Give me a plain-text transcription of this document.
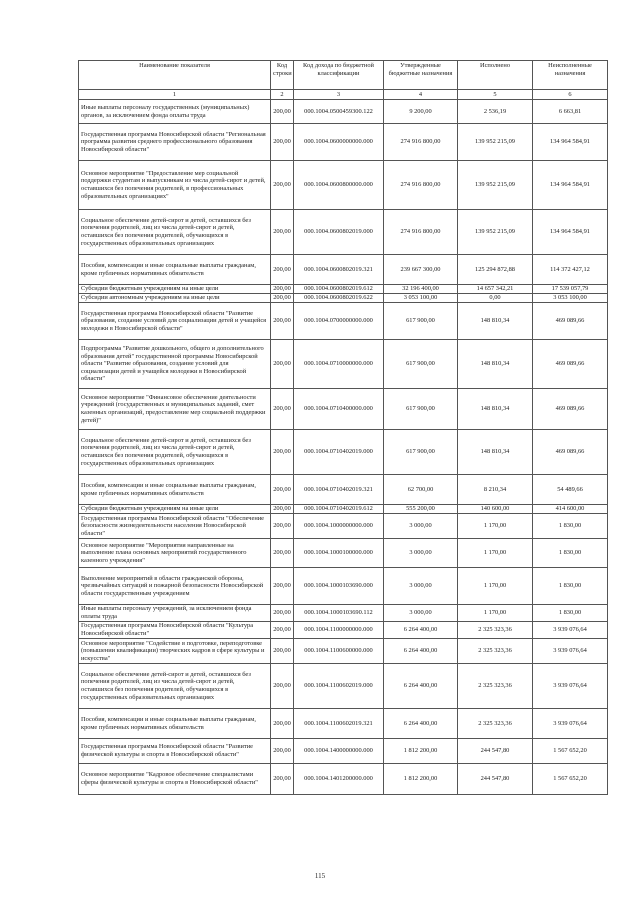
Наименование показателя	Код строки	Код дохода по бюджетной классификации	Утвержденные бюджетные назначения	Исполнено	Неисполненные назначения
1	2	3	4	5	6
Иные выплаты персоналу государственных (муниципальных) органов, за исключением фонда оплаты труда	200,00	000.1004.0500459300.122	9 200,00	2 536,19	6 663,81
Государственная программа Новосибирской области "Региональная программа развития среднего профессионального образования Новосибирской области"	200,00	000.1004.0600000000.000	274 916 800,00	139 952 215,09	134 964 584,91
Основное мероприятие "Предоставление мер социальной поддержки студентам и выпускникам из числа детей-сирот и детей, оставшихся без попечения родителей, в профессиональных образовательных организациях"	200,00	000.1004.0600800000.000	274 916 800,00	139 952 215,09	134 964 584,91
Социальное обеспечение детей-сирот и детей, оставшихся без попечения родителей, лиц из числа детей-сирот и детей, оставшихся без попечения родителей, обучающихся в государственных образовательных организациях	200,00	000.1004.0600802019.000	274 916 800,00	139 952 215,09	134 964 584,91
Пособия, компенсации и иные социальные выплаты гражданам, кроме публичных нормативных обязательств	200,00	000.1004.0600802019.321	239 667 300,00	125 294 872,88	114 372 427,12
Субсидии бюджетным учреждениям на иные цели	200,00	000.1004.0600802019.612	32 196 400,00	14 657 342,21	17 539 057,79
Субсидии автономным учреждениям на иные цели	200,00	000.1004.0600802019.622	3 053 100,00	0,00	3 053 100,00
Государственная программа Новосибирской области "Развитие образования, создание условий для социализации детей и учащейся молодежи в Новосибирской области"	200,00	000.1004.0700000000.000	617 900,00	148 810,34	469 089,66
Подпрограмма "Развитие дошкольного, общего и дополнительного образования детей" государственной программы Новосибирской области "Развитие образования, создание условий для социализации детей и учащейся молодежи в Новосибирской области"	200,00	000.1004.0710000000.000	617 900,00	148 810,34	469 089,66
Основное мероприятие "Финансовое обеспечение деятельности учреждений (государственных и муниципальных заданий, смет казенных организаций, предоставление мер социальной поддержки детей)"	200,00	000.1004.0710400000.000	617 900,00	148 810,34	469 089,66
Социальное обеспечение детей-сирот и детей, оставшихся без попечения родителей, лиц из числа детей-сирот и детей, оставшихся без попечения родителей, обучающихся в государственных образовательных организациях	200,00	000.1004.0710402019.000	617 900,00	148 810,34	469 089,66
Пособия, компенсации и иные социальные выплаты гражданам, кроме публичных нормативных обязательств	200,00	000.1004.0710402019.321	62 700,00	8 210,34	54 489,66
Субсидии бюджетным учреждениям на иные цели	200,00	000.1004.0710402019.612	555 200,00	140 600,00	414 600,00
Государственная программа Новосибирской области "Обеспечение безопасности жизнедеятельности населения Новосибирской области"	200,00	000.1004.1000000000.000	3 000,00	1 170,00	1 830,00
Основное мероприятие "Мероприятия направленные на выполнение плана основных мероприятий государственного казенного учреждения"	200,00	000.1004.1000100000.000	3 000,00	1 170,00	1 830,00
Выполнение мероприятий в области гражданской обороны, чрезвычайных ситуаций и пожарной безопасности Новосибирской области государственным учреждением	200,00	000.1004.1000103690.000	3 000,00	1 170,00	1 830,00
Иные выплаты персоналу учреждений, за исключением фонда оплаты труда	200,00	000.1004.1000103690.112	3 000,00	1 170,00	1 830,00
Государственная программа Новосибирской области "Культура Новосибирской области"	200,00	000.1004.1100000000.000	6 264 400,00	2 325 323,36	3 939 076,64
Основное мероприятие "Содействие в подготовке, переподготовке (повышении квалификации) творческих кадров в сфере культуры и искусства"	200,00	000.1004.1100600000.000	6 264 400,00	2 325 323,36	3 939 076,64
Социальное обеспечение детей-сирот и детей, оставшихся без попечения родителей, лиц из числа детей-сирот и детей, оставшихся без попечения родителей, обучающихся в государственных образовательных организациях	200,00	000.1004.1100602019.000	6 264 400,00	2 325 323,36	3 939 076,64
Пособия, компенсации и иные социальные выплаты гражданам, кроме публичных нормативных обязательств	200,00	000.1004.1100602019.321	6 264 400,00	2 325 323,36	3 939 076,64
Государственная программа Новосибирской области "Развитие физической культуры и спорта в Новосибирской области"	200,00	000.1004.1400000000.000	1 812 200,00	244 547,80	1 567 652,20
Основное мероприятие "Кадровое обеспечение специалистами сферы физической культуры и спорта в Новосибирской области"	200,00	000.1004.1401200000.000	1 812 200,00	244 547,80	1 567 652,20
115
